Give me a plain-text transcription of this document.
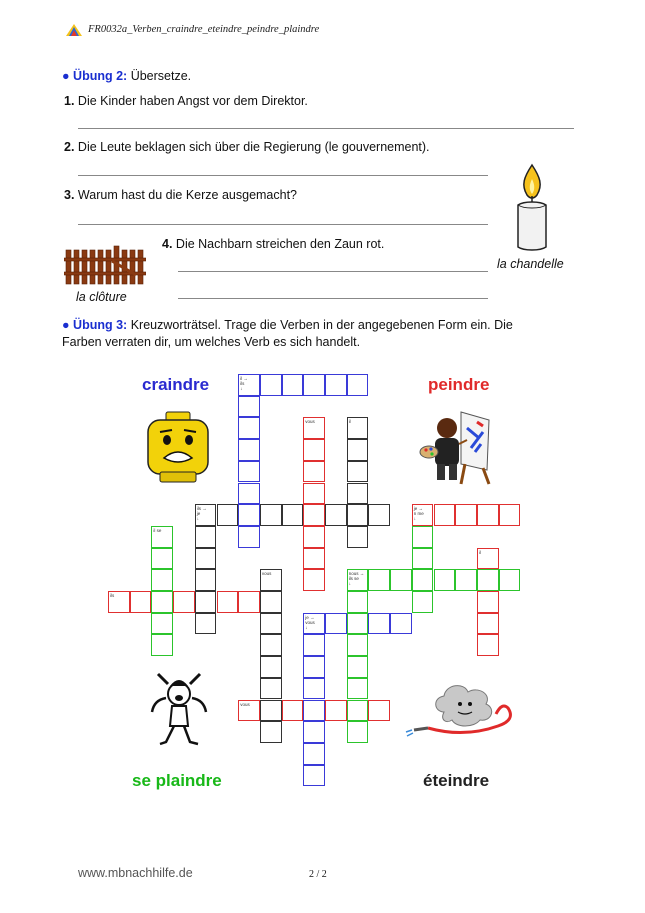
FR0032a_Verben_craindre_eteindre_peindre_plaindre
● Übung 2: Übersetze.
1. Die Kinder haben Angst vor dem Direktor.
2. Die Leute beklagen sich über die Regierung (le gouvernement).
3. Warum hast du die Kerze ausgemacht?
4. Die Nachbarn streichen den Zaun rot.
la chandelle
la clôture
● Übung 3: Kreuzworträtsel. Trage die Verben in der angegebenen Form ein. Die
Farben verraten dir, um welches Verb es sich handelt.
craindre	peindre
se plaindre	éteindre
il →
ils
↓
vous	il
ils →
je
↓
je →
n me
↓
il se
vous	nous →
ils se
↓
il
ils
je →
vous
↓
vous
www.mbnachhilfe.de	2 / 2
